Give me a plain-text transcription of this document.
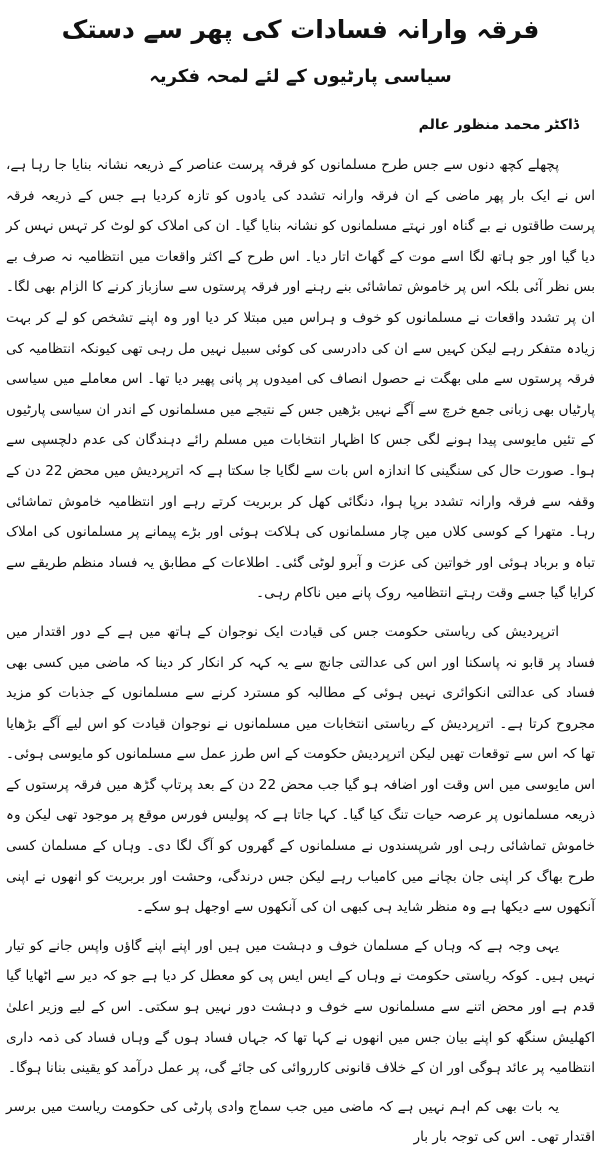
فرقہ وارانہ فسادات کی پھر سے دستک
سیاسی پارٹیوں کے لئے لمحہ فکریہ
ڈاکٹر محمد منظور عالم

پچھلے کچھ دنوں سے جس طرح مسلمانوں کو فرقہ پرست عناصر کے ذریعہ نشانہ بنایا جا رہا ہے، اس نے ایک بار پھر ماضی کے ان فرقہ وارانہ تشدد کی یادوں کو تازہ کردیا ہے جس کے ذریعہ فرقہ پرست طاقتوں نے بے گناہ اور نہتے مسلمانوں کو نشانہ بنایا گیا۔ ان کی املاک کو لوٹ کر تہس نہس کر دیا گیا اور جو ہاتھ لگا اسے موت کے گھاٹ اتار دیا۔ اس طرح کے اکثر واقعات میں انتظامیہ نہ صرف بے بس نظر آئی بلکہ اس پر خاموش تماشائی بنے رہنے اور فرقہ پرستوں سے سازباز کرنے کا الزام بھی لگا۔ ان پر تشدد واقعات نے مسلمانوں کو خوف و ہراس میں مبتلا کر دیا اور وہ اپنے تشخص کو لے کر بہت زیادہ متفکر رہے لیکن کہیں سے ان کی دادرسی کی کوئی سبیل نہیں مل رہی تھی کیونکہ انتظامیہ کی فرقہ پرستوں سے ملی بھگت نے حصول انصاف کی امیدوں پر پانی پھیر دیا تھا۔ اس معاملے میں سیاسی پارٹیاں بھی زبانی جمع خرچ سے آگے نہیں بڑھیں جس کے نتیجے میں مسلمانوں کے اندر ان سیاسی پارٹیوں کے تئیں مایوسی پیدا ہونے لگی جس کا اظہار انتخابات میں مسلم رائے دہندگان کی عدم دلچسپی سے ہوا۔ صورت حال کی سنگینی کا اندازہ اس بات سے لگایا جا سکتا ہے کہ اترپردیش میں محض 22 دن کے وقفہ سے فرقہ وارانہ تشدد برپا ہوا، دنگائی کھل کر بربریت کرتے رہے اور انتظامیہ خاموش تماشائی رہا۔ متھرا کے کوسی کلاں میں چار مسلمانوں کی ہلاکت ہوئی اور بڑے پیمانے پر مسلمانوں کی املاک تباہ و برباد ہوئی اور خواتین کی عزت و آبرو لوٹی گئی۔ اطلاعات کے مطابق یہ فساد منظم طریقے سے کرایا گیا جسے وقت رہتے انتظامیہ روک پانے میں ناکام رہی۔

اترپردیش کی ریاستی حکومت جس کی قیادت ایک نوجوان کے ہاتھ میں ہے کے دور اقتدار میں فساد پر قابو نہ پاسکنا اور اس کی عدالتی جانچ سے یہ کہہ کر انکار کر دینا کہ ماضی میں کسی بھی فساد کی عدالتی انکوائری نہیں ہوئی کے مطالبہ کو مسترد کرنے سے مسلمانوں کے جذبات کو مزید مجروح کرتا ہے۔ اترپردیش کے ریاستی انتخابات میں مسلمانوں نے نوجوان قیادت کو اس لیے آگے بڑھایا تھا کہ اس سے توقعات تھیں لیکن اترپردیش حکومت کے اس طرز عمل سے مسلمانوں کو مایوسی ہوئی۔ اس مایوسی میں اس وقت اور اضافہ ہو گیا جب محض 22 دن کے بعد پرتاپ گڑھ میں فرقہ پرستوں کے ذریعہ مسلمانوں پر عرصہ حیات تنگ کیا گیا۔ کہا جاتا ہے کہ پولیس فورس موقع پر موجود تھی لیکن وہ خاموش تماشائی رہی اور شرپسندوں نے مسلمانوں کے گھروں کو آگ لگا دی۔ وہاں کے مسلمان کسی طرح بھاگ کر اپنی جان بچانے میں کامیاب رہے لیکن جس درندگی، وحشت اور بربریت کو انھوں نے اپنی آنکھوں سے دیکھا ہے وہ منظر شاید ہی کبھی ان کی آنکھوں سے اوجھل ہو سکے۔

یہی وجہ ہے کہ وہاں کے مسلمان خوف و دہشت میں ہیں اور اپنے اپنے گاؤں واپس جانے کو تیار نہیں ہیں۔ کوکہ ریاستی حکومت نے وہاں کے ایس ایس پی کو معطل کر دیا ہے جو کہ دیر سے اٹھایا گیا قدم ہے اور محض اتنے سے مسلمانوں سے خوف و دہشت دور نہیں ہو سکتی۔ اس کے لیے وزیر اعلیٰ اکھلیش سنگھ کو اپنے بیان جس میں انھوں نے کہا تھا کہ جہاں فساد ہوں گے وہاں فساد کی ذمہ داری انتظامیہ پر عائد ہوگی اور ان کے خلاف قانونی کارروائی کی جائے گی، پر عمل درآمد کو یقینی بنانا ہوگا۔

یہ بات بھی کم اہم نہیں ہے کہ ماضی میں جب سماج وادی پارٹی کی حکومت ریاست میں برسر اقتدار تھی۔ اس کی توجہ بار بار
